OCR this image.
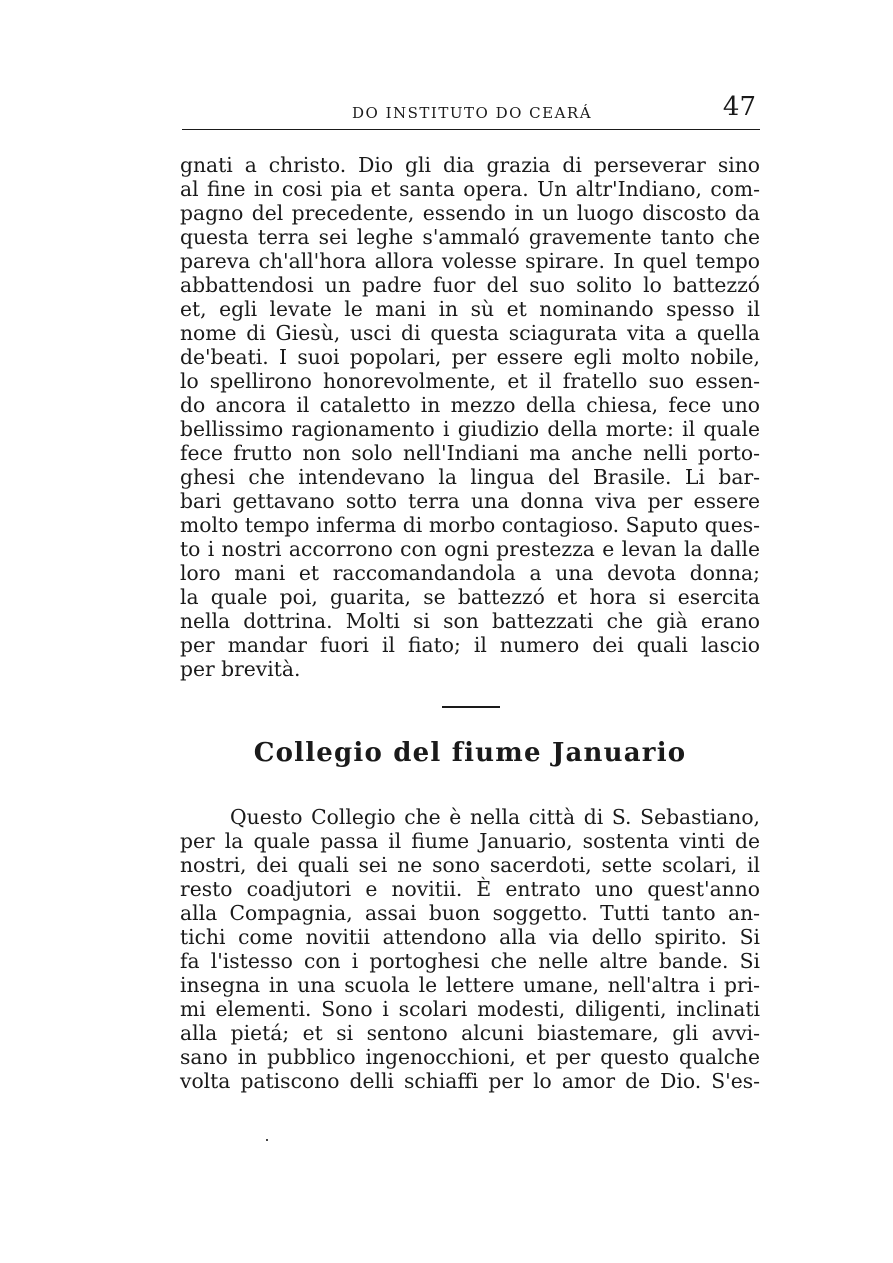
DO INSTITUTO DO CEARÁ	47
gnati a christo. Dio gli dia grazia di perseverar sino
al fine in cosi pia et santa opera. Un altr'Indiano, com-
pagno del precedente, essendo in un luogo discosto da
questa terra sei leghe s'ammaló gravemente tanto che
pareva ch'all'hora allora volesse spirare. In quel tempo
abbattendosi un padre fuor del suo solito lo battezzó
et, egli levate le mani in sù et nominando spesso il
nome di Giesù, usci di questa sciagurata vita a quella
de'beati. I suoi popolari, per essere egli molto nobile,
lo spellirono honorevolmente, et il fratello suo essen-
do ancora il cataletto in mezzo della chiesa, fece uno
bellissimo ragionamento i giudizio della morte: il quale
fece frutto non solo nell'Indiani ma anche nelli porto-
ghesi che intendevano la lingua del Brasile. Li bar-
bari gettavano sotto terra una donna viva per essere
molto tempo inferma di morbo contagioso. Saputo ques-
to i nostri accorrono con ogni prestezza e levan la dalle
loro mani et raccomandandola a una devota donna;
la quale poi, guarita, se battezzó et hora si esercita
nella dottrina. Molti si son battezzati che già erano
per mandar fuori il fiato; il numero dei quali lascio
per brevità.
Collegio del fiume Januario
Questo Collegio che è nella città di S. Sebastiano,
per la quale passa il fiume Januario, sostenta vinti de
nostri, dei quali sei ne sono sacerdoti, sette scolari, il
resto coadjutori e novitii. È entrato uno quest'anno
alla Compagnia, assai buon soggetto. Tutti tanto an-
tichi come novitii attendono alla via dello spirito. Si
fa l'istesso con i portoghesi che nelle altre bande. Si
insegna in una scuola le lettere umane, nell'altra i pri-
mi elementi. Sono i scolari modesti, diligenti, inclinati
alla pietá; et si sentono alcuni biastemare, gli avvi-
sano in pubblico ingenocchioni, et per questo qualche
volta patiscono delli schiaffi per lo amor de Dio. S'es-
